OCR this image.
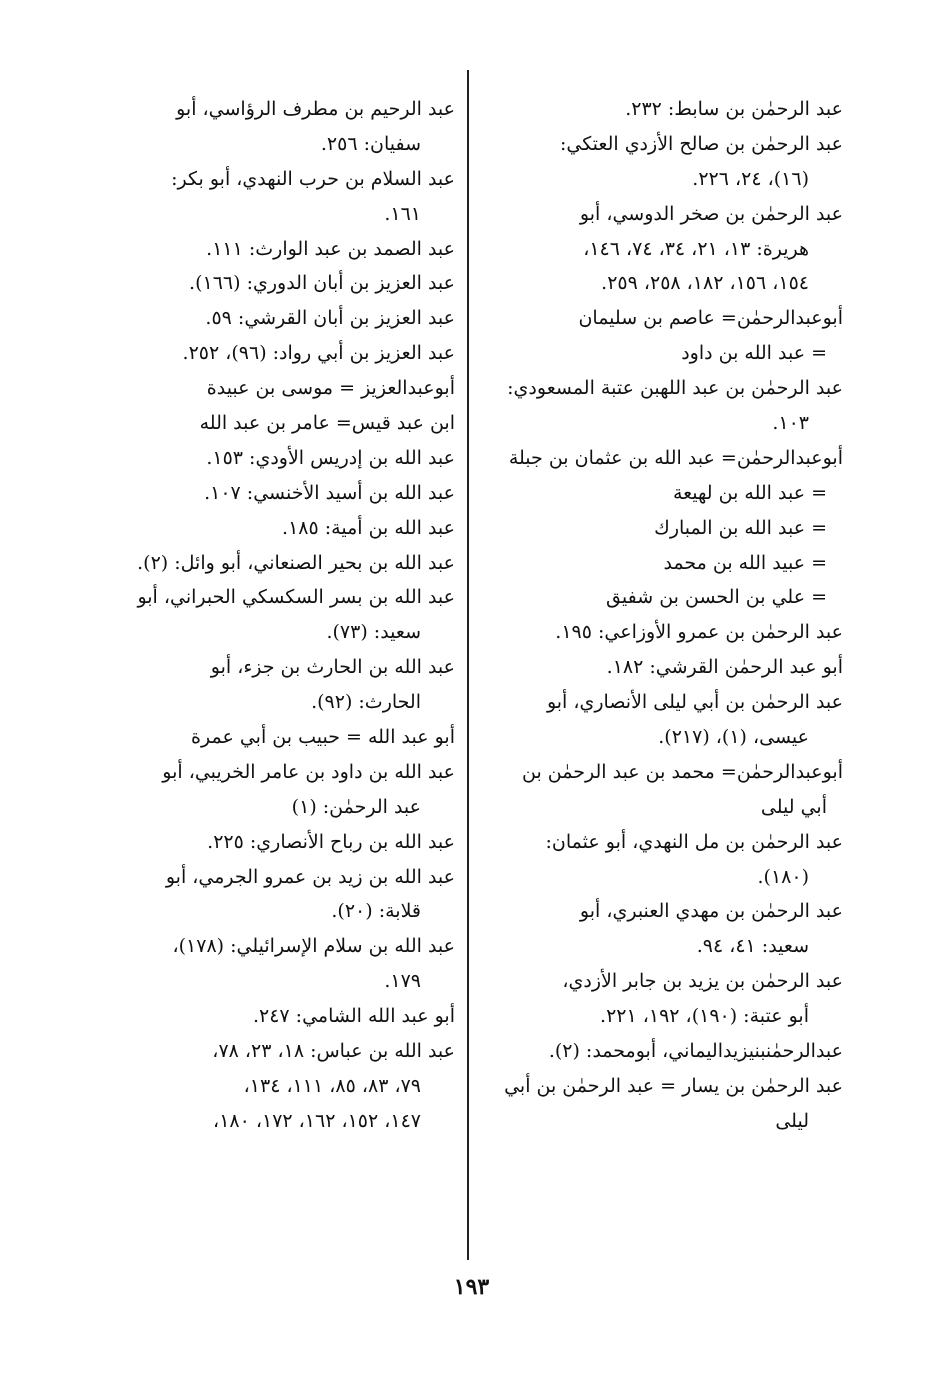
عبد الرحمٰن بن سابط: ٢٣٢.
عبد الرحمٰن بن صالح الأزدي العتكي:
(١٦)، ٢٤، ٢٢٦.
عبد الرحمٰن بن صخر الدوسي، أبو
هريرة: ١٣، ٢١، ٣٤، ٧٤، ١٤٦،
١٥٤، ١٥٦، ١٨٢، ٢٥٨، ٢٥٩.
أبوعبدالرحمٰن= عاصم بن سليمان
= عبد الله بن داود
عبد الرحمٰن بن عبد اللهبن عتبة المسعودي:
١٠٣.
أبوعبدالرحمٰن= عبد الله بن عثمان بن جبلة
= عبد الله بن لهيعة
= عبد الله بن المبارك
= عبيد الله بن محمد
= علي بن الحسن بن شفيق
عبد الرحمٰن بن عمرو الأوزاعي: ١٩٥.
أبو عبد الرحمٰن القرشي: ١٨٢.
عبد الرحمٰن بن أبي ليلى الأنصاري، أبو
عيسى، (١)، (٢١٧).
أبوعبدالرحمٰن= محمد بن عبد الرحمٰن بن
أبي ليلى
عبد الرحمٰن بن مل النهدي، أبو عثمان:
(١٨٠).
عبد الرحمٰن بن مهدي العنبري، أبو
سعيد: ٤١، ٩٤.
عبد الرحمٰن بن يزيد بن جابر الأزدي،
أبو عتبة: (١٩٠)، ١٩٢، ٢٢١.
عبدالرحمٰنبنيزيداليماني، أبومحمد: (٢).
عبد الرحمٰن بن يسار = عبد الرحمٰن بن أبي
ليلى
عبد الرحيم بن مطرف الرؤاسي، أبو
سفيان: ٢٥٦.
عبد السلام بن حرب النهدي، أبو بكر:
١٦١.
عبد الصمد بن عبد الوارث: ١١١.
عبد العزيز بن أبان الدوري: (١٦٦).
عبد العزيز بن أبان القرشي: ٥٩.
عبد العزيز بن أبي رواد: (٩٦)، ٢٥٢.
أبوعبدالعزيز = موسى بن عبيدة
ابن عبد قيس= عامر بن عبد الله
عبد الله بن إدريس الأودي: ١٥٣.
عبد الله بن أسيد الأخنسي: ١٠٧.
عبد الله بن أمية: ١٨٥.
عبد الله بن بحير الصنعاني، أبو وائل: (٢).
عبد الله بن بسر السكسكي الحبراني، أبو
سعيد: (٧٣).
عبد الله بن الحارث بن جزء، أبو
الحارث: (٩٢).
أبو عبد الله = حبيب بن أبي عمرة
عبد الله بن داود بن عامر الخريبي، أبو
عبد الرحمٰن: (١)
عبد الله بن رباح الأنصاري: ٢٢٥.
عبد الله بن زيد بن عمرو الجرمي، أبو
قلابة: (٢٠).
عبد الله بن سلام الإسرائيلي: (١٧٨)،
١٧٩.
أبو عبد الله الشامي: ٢٤٧.
عبد الله بن عباس: ١٨، ٢٣، ٧٨،
٧٩، ٨٣، ٨٥، ١١١، ١٣٤،
١٤٧، ١٥٢، ١٦٢، ١٧٢، ١٨٠،
١٩٣
